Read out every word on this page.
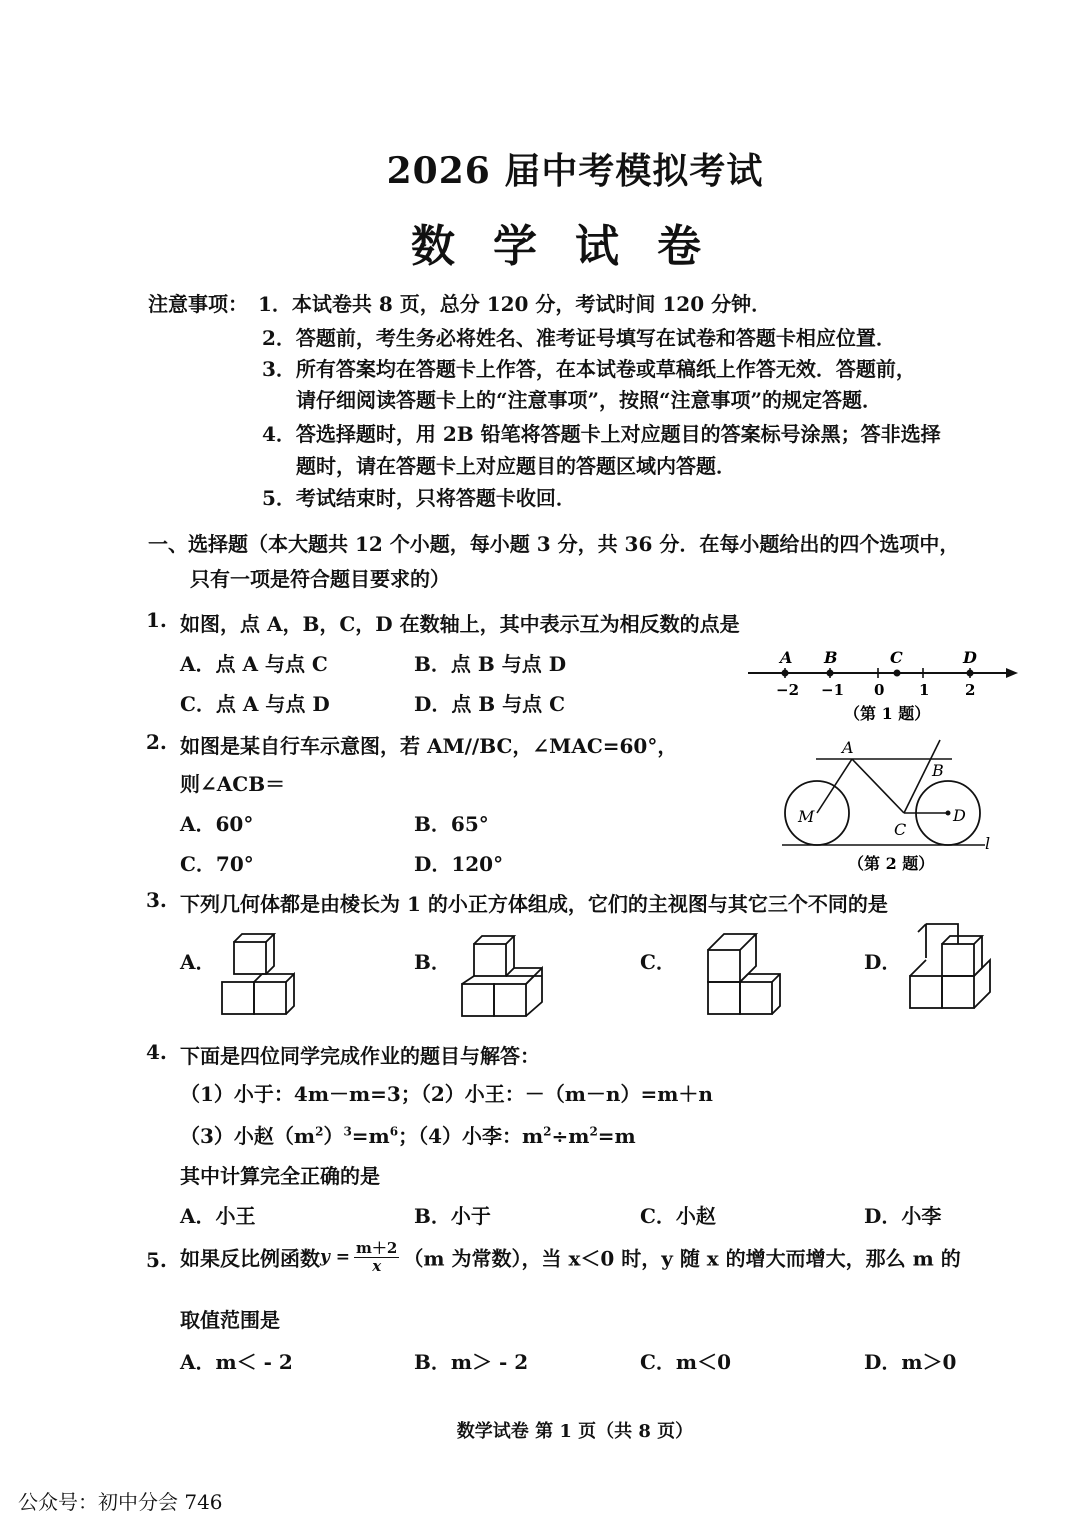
2026 届中考模拟考试
数学试卷
注意事项： 1．本试卷共 8 页，总分 120 分，考试时间 120 分钟．
2．答题前，考生务必将姓名、准考证号填写在试卷和答题卡相应位置．
3．所有答案均在答题卡上作答，在本试卷或草稿纸上作答无效．答题前，
请仔细阅读答题卡上的“注意事项”，按照“注意事项”的规定答题．
4．答选择题时，用 2B 铅笔将答题卡上对应题目的答案标号涂黑；答非选择
题时，请在答题卡上对应题目的答题区域内答题．
5．考试结束时，只将答题卡收回．
一、选择题（本大题共 12 个小题，每小题 3 分，共 36 分．在每小题给出的四个选项中，
只有一项是符合题目要求的）
1. 如图，点 A，B，C，D 在数轴上，其中表示互为相反数的点是
A．点 A 与点 C	B．点 B 与点 D
C．点 A 与点 D	D．点 B 与点 C
A B	C	D
−2 −1 0 1 2
（第 1 题）
2. 如图是某自行车示意图，若 AM//BC，∠MAC=60°，
则∠ACB＝
A．60°	B．65°
C．70°	D．120°
A
B
M
C
D
l
（第 2 题）
3. 下列几何体都是由棱长为 1 的小正方体组成，它们的主视图与其它三个不同的是
A．	B．	C．	D．
4. 下面是四位同学完成作业的题目与解答：
（1）小于：4m－m=3；（2）小王：－（m－n）=m＋n
（3）小赵$(m^2)^3=m^6$；（4）小李：$m^2\div m^2=m$
其中计算完全正确的是
A．小王	B．小于	C．小赵	D．小李
5. 如果反比例函数$y = \frac{m+2}{x} (m$ 为常数），当 x＜0 时，y 随 x 的增大而增大，那么 m 的
取值范围是
A．m＜ - 2	B．m＞ - 2	C．m＜0	D．m＞0
数学试卷 第 1 页（共 8 页）
公众号：初中分会 746
